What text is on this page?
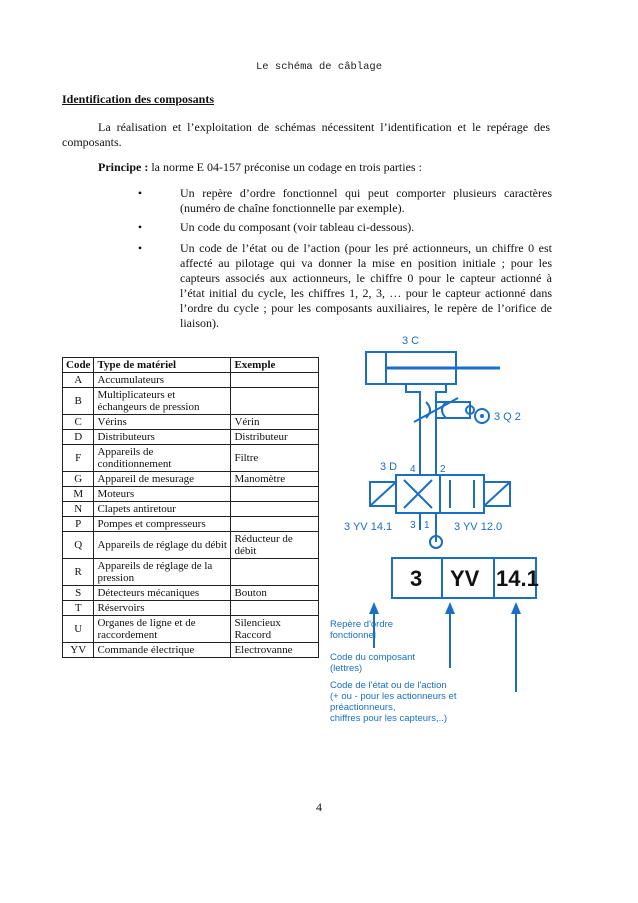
Le schéma de câblage
Identification des composants
La réalisation et l’exploitation de schémas nécessitent l’identification et le repérage des composants.
Principe : la norme E 04-157 préconise un codage en trois parties :
•	Un repère d’ordre fonctionnel qui peut comporter plusieurs caractères (numéro de chaîne fonctionnelle par exemple).
•	Un code du composant (voir tableau ci-dessous).
•	Un code de l’état ou de l’action (pour les pré actionneurs, un chiffre 0 est affecté au pilotage qui va donner la mise en position initiale ; pour les capteurs associés aux actionneurs, le chiffre 0 pour le capteur actionné à l’état initial du cycle, les chiffres 1, 2, 3, … pour le capteur actionné dans l’ordre du cycle ; pour les composants auxiliaires, le repère de l’orifice de liaison).
Code	Type de matériel	Exemple
A	Accumulateurs	
B	Multiplicateurs et échangeurs de pression	
C	Vérins	Vérin
D	Distributeurs	Distributeur
F	Appareils de conditionnement	Filtre
G	Appareil de mesurage	Manomètre
M	Moteurs	
N	Clapets antiretour	
P	Pompes et compresseurs	
Q	Appareils de réglage du débit	Réducteur de débit
R	Appareils de réglage de la pression	
S	Détecteurs mécaniques	Bouton
T	Réservoirs	
U	Organes de ligne et de raccordement	Silencieux Raccord
YV	Commande électrique	Electrovanne
3 C
3 Q 2
3 D 4 2
3 1
3 YV 14.1	3 YV 12.0
3 YV 14.1
Repère d'ordre
fonctionnel
Code du composant
(lettres)
Code de l'état ou de l'action
(+ ou - pour les actionneurs et
préactionneurs,
chiffres pour les capteurs,..)
4
